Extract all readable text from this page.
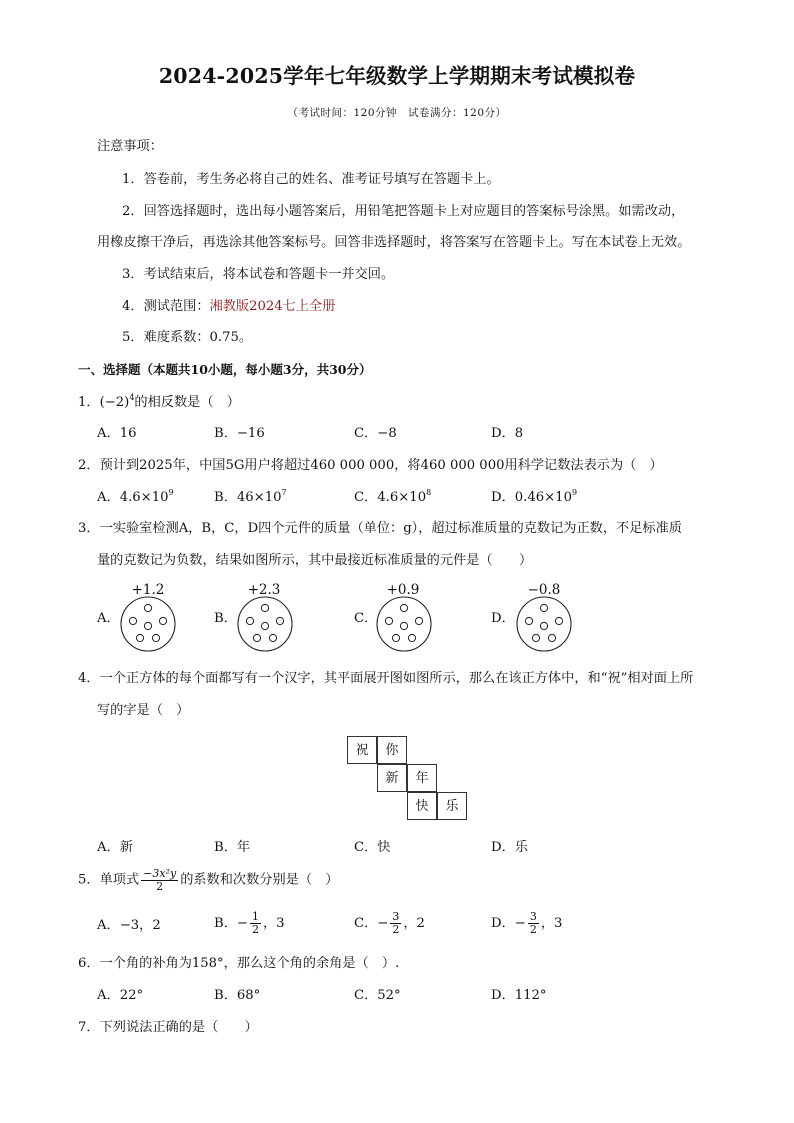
2024-2025学年七年级数学上学期期末考试模拟卷
（考试时间：120分钟　试卷满分：120分）
注意事项：
1．答卷前，考生务必将自己的姓名、准考证号填写在答题卡上。
2．回答选择题时，选出每小题答案后，用铅笔把答题卡上对应题目的答案标号涂黑。如需改动，
用橡皮擦干净后，再选涂其他答案标号。回答非选择题时，将答案写在答题卡上。写在本试卷上无效。
3．考试结束后，将本试卷和答题卡一并交回。
4．测试范围：湘教版2024七上全册
5．难度系数：0.75。
一、选择题（本题共10小题，每小题3分，共30分）
1．$(-2)^4$的相反数是（　）
A．16	B．−16	C．−8	D．8
2．预计到2025年，中国5G用户将超过460 000 000，将460 000 000用科学记数法表示为（　）
A．$4.6\times 10^9$	B．$46\times 10^7$	C．$4.6\times 10^8$	D．$0.46\times 10^9$
3．一实验室检测A，B，C，D四个元件的质量（单位：g），超过标准质量的克数记为正数，不足标准质
量的克数记为负数，结果如图所示，其中最接近标准质量的元件是（　　）
A．
+1.2
B．
+2.3
C．
+0.9
D．
−0.8
4．一个正方体的每个面都写有一个汉字，其平面展开图如图所示，那么在该正方体中，和“祝”相对面上所
写的字是（　）
祝	你
新	年
快	乐
A．新	B．年	C．快	D．乐
5．单项式 $\frac{\text{−3x²y}}{2}$ 的系数和次数分别是（　）
A．−3，2	B．− $\frac{1}{2}$ ，3	C．− $\frac{3}{2}$ ，2	D．− $\frac{3}{2}$ ，3
6．一个角的补角为158°，那么这个角的余角是（　）.
A．22°	B．68°	C．52°	D．112°
7．下列说法正确的是（　　）
